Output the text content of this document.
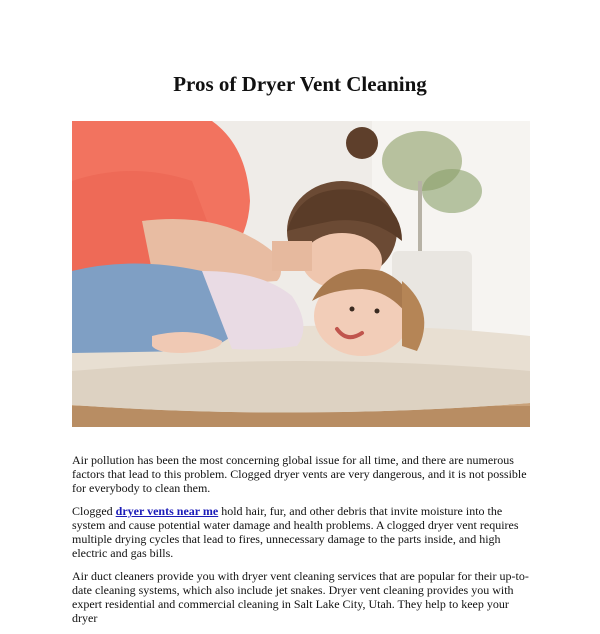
Pros of Dryer Vent Cleaning

Air pollution has been the most concerning global issue for all time, and there are numerous factors that lead to this problem. Clogged dryer vents are very dangerous, and it is not possible for everybody to clean them.

Clogged dryer vents near me hold hair, fur, and other debris that invite moisture into the system and cause potential water damage and health problems. A clogged dryer vent requires multiple drying cycles that lead to fires, unnecessary damage to the parts inside, and high electric and gas bills.

Air duct cleaners provide you with dryer vent cleaning services that are popular for their up-to-date cleaning systems, which also include jet snakes. Dryer vent cleaning provides you with expert residential and commercial cleaning in Salt Lake City, Utah. They help to keep your dryer
